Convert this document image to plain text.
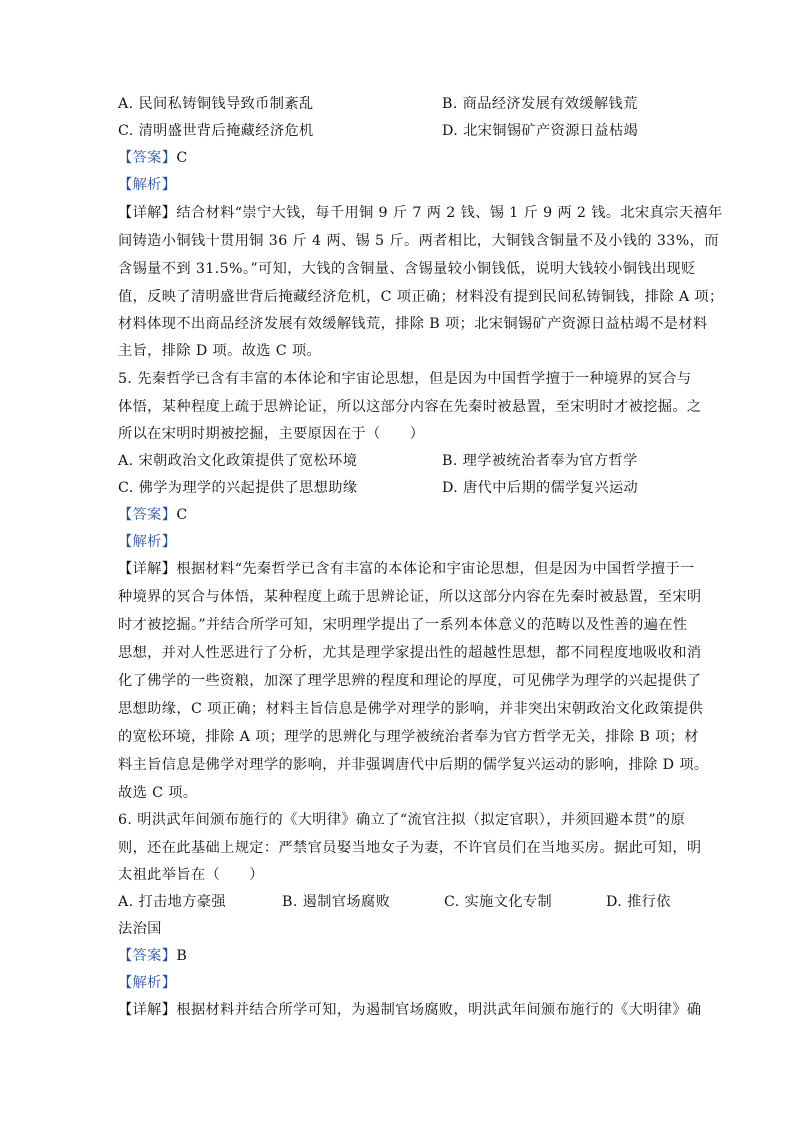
A. 民间私铸铜钱导致币制紊乱	B. 商品经济发展有效缓解钱荒
C. 清明盛世背后掩藏经济危机	D. 北宋铜锡矿产资源日益枯竭
【答案】C
【解析】
【详解】结合材料“崇宁大钱，每千用铜 9 斤 7 两 2 钱、锡 1 斤 9 两 2 钱。北宋真宗天禧年
间铸造小铜钱十贯用铜 36 斤 4 两、锡 5 斤。两者相比，大铜钱含铜量不及小钱的 33%，而
含锡量不到 31.5%。”可知，大钱的含铜量、含锡量较小铜钱低，说明大钱较小铜钱出现贬
值，反映了清明盛世背后掩藏经济危机，C 项正确；材料没有提到民间私铸铜钱，排除 A 项；
材料体现不出商品经济发展有效缓解钱荒，排除 B 项；北宋铜锡矿产资源日益枯竭不是材料
主旨，排除 D 项。故选 C 项。
5. 先秦哲学已含有丰富的本体论和宇宙论思想，但是因为中国哲学擅于一种境界的冥合与
体悟，某种程度上疏于思辨论证，所以这部分内容在先秦时被悬置，至宋明时才被挖掘。之
所以在宋明时期被挖掘，主要原因在于（　　）
A. 宋朝政治文化政策提供了宽松环境	B. 理学被统治者奉为官方哲学
C. 佛学为理学的兴起提供了思想助缘	D. 唐代中后期的儒学复兴运动
【答案】C
【解析】
【详解】根据材料“先秦哲学已含有丰富的本体论和宇宙论思想，但是因为中国哲学擅于一
种境界的冥合与体悟，某种程度上疏于思辨论证，所以这部分内容在先秦时被悬置，至宋明
时才被挖掘。”并结合所学可知，宋明理学提出了一系列本体意义的范畴以及性善的遍在性
思想，并对人性恶进行了分析，尤其是理学家提出性的超越性思想，都不同程度地吸收和消
化了佛学的一些资粮，加深了理学思辨的程度和理论的厚度，可见佛学为理学的兴起提供了
思想助缘，C 项正确；材料主旨信息是佛学对理学的影响，并非突出宋朝政治文化政策提供
的宽松环境，排除 A 项；理学的思辨化与理学被统治者奉为官方哲学无关，排除 B 项；材
料主旨信息是佛学对理学的影响，并非强调唐代中后期的儒学复兴运动的影响，排除 D 项。
故选 C 项。
6. 明洪武年间颁布施行的《大明律》确立了“流官注拟（拟定官职），并须回避本贯”的原
则，还在此基础上规定：严禁官员娶当地女子为妻，不许官员们在当地买房。据此可知，明
太祖此举旨在（　　）
A. 打击地方豪强	B. 遏制官场腐败	C. 实施文化专制	D. 推行依
法治国
【答案】B
【解析】
【详解】根据材料并结合所学可知，为遏制官场腐败，明洪武年间颁布施行的《大明律》确
